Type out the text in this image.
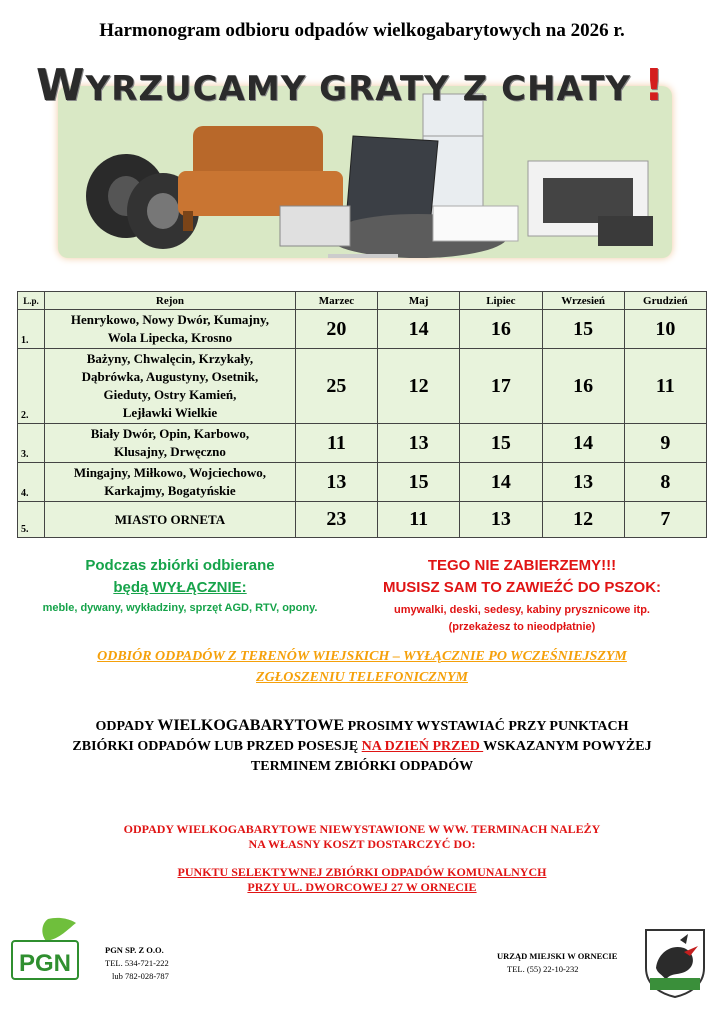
Harmonogram odbioru odpadów wielkogabarytowych na 2026 r.
WYRZUCAMY GRATY Z CHATY !
L.p.	Rejon	Marzec	Maj	Lipiec	Wrzesień	Grudzień
1.	Henrykowo, Nowy Dwór, Kumajny,
Wola Lipecka, Krosno	20	14	16	15	10
2.	Bażyny, Chwalęcin, Krzykały,
Dąbrówka, Augustyny, Osetnik,
Gieduty, Ostry Kamień,
Lejławki Wielkie	25	12	17	16	11
3.	Biały Dwór, Opin, Karbowo,
Klusajny, Drwęczno	11	13	15	14	9
4.	Mingajny, Miłkowo, Wojciechowo,
Karkajmy, Bogatyńskie	13	15	14	13	8
5.	MIASTO ORNETA	23	11	13	12	7
Podczas zbiórki odbierane
będą WYŁĄCZNIE:
meble, dywany, wykładziny, sprzęt AGD, RTV, opony.
TEGO NIE ZABIERZEMY!!!
MUSISZ SAM TO ZAWIEŹĆ DO PSZOK:
umywalki, deski, sedesy, kabiny prysznicowe itp.
(przekażesz to nieodpłatnie)
ODBIÓR ODPADÓW Z TERENÓW WIEJSKICH – WYŁĄCZNIE PO WCZEŚNIEJSZYM
ZGŁOSZENIU TELEFONICZNYM
ODPADY WIELKOGABARYTOWE PROSIMY WYSTAWIAĆ PRZY PUNKTACH
ZBIÓRKI ODPADÓW LUB PRZED POSESJĘ NA DZIEŃ PRZED WSKAZANYM POWYŻEJ
TERMINEM ZBIÓRKI ODPADÓW
ODPADY WIELKOGABARYTOWE NIEWYSTAWIONE W WW. TERMINACH NALEŻY
NA WŁASNY KOSZT DOSTARCZYĆ DO:
PUNKTU SELEKTYWNEJ ZBIÓRKI ODPADÓW KOMUNALNYCH
PRZY UL. DWORCOWEJ 27 W ORNECIE
PGN	PGN SP. Z O.O.
TEL. 534-721-222
lub 782-028-787
URZĄD MIEJSKI W ORNECIE
TEL. (55) 22-10-232
